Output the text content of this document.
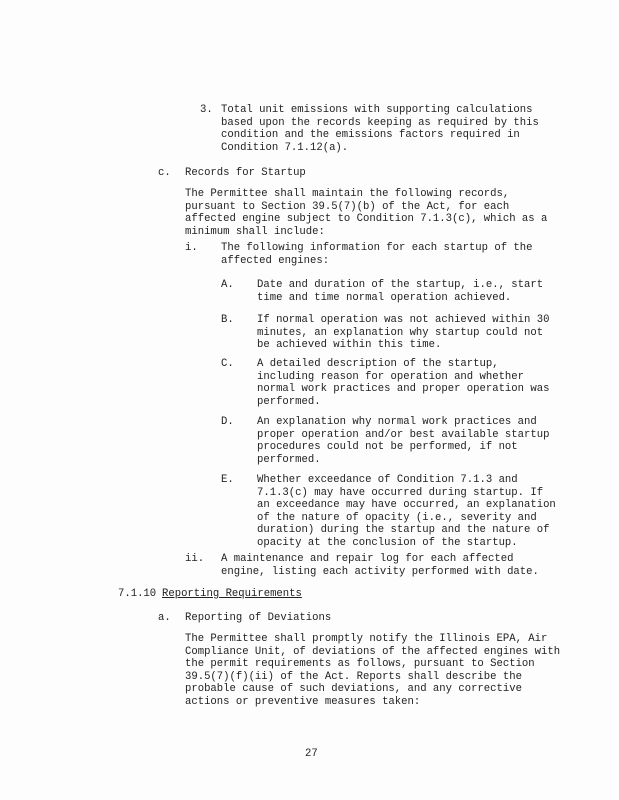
3. Total unit emissions with supporting calculations
based upon the records keeping as required by this
condition and the emissions factors required in
Condition 7.1.12(a).
c. Records for Startup
The Permittee shall maintain the following records,
pursuant to Section 39.5(7)(b) of the Act, for each
affected engine subject to Condition 7.1.3(c), which as a
minimum shall include:
i. The following information for each startup of the
affected engines:
A. Date and duration of the startup, i.e., start
time and time normal operation achieved.
B. If normal operation was not achieved within 30
minutes, an explanation why startup could not
be achieved within this time.
C. A detailed description of the startup,
including reason for operation and whether
normal work practices and proper operation was
performed.
D. An explanation why normal work practices and
proper operation and/or best available startup
procedures could not be performed, if not
performed.
E. Whether exceedance of Condition 7.1.3 and
7.1.3(c) may have occurred during startup. If
an exceedance may have occurred, an explanation
of the nature of opacity (i.e., severity and
duration) during the startup and the nature of
opacity at the conclusion of the startup.
ii. A maintenance and repair log for each affected
engine, listing each activity performed with date.
7.1.10 Reporting Requirements
a. Reporting of Deviations
The Permittee shall promptly notify the Illinois EPA, Air
Compliance Unit, of deviations of the affected engines with
the permit requirements as follows, pursuant to Section
39.5(7)(f)(ii) of the Act. Reports shall describe the
probable cause of such deviations, and any corrective
actions or preventive measures taken:
27
